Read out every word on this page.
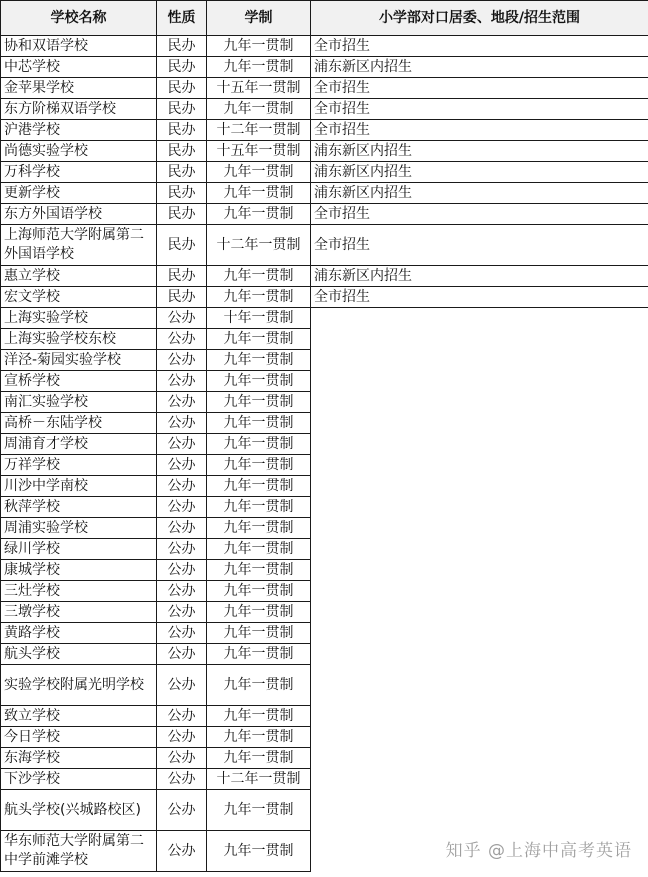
学校名称	性质	学制	小学部对口居委、地段/招生范围
协和双语学校	民办	九年一贯制	全市招生
中芯学校	民办	九年一贯制	浦东新区内招生
金苹果学校	民办	十五年一贯制	全市招生
东方阶梯双语学校	民办	九年一贯制	全市招生
沪港学校	民办	十二年一贯制	全市招生
尚德实验学校	民办	十五年一贯制	浦东新区内招生
万科学校	民办	九年一贯制	浦东新区内招生
更新学校	民办	九年一贯制	浦东新区内招生
东方外国语学校	民办	九年一贯制	全市招生
上海师范大学附属第二外国语学校	民办	十二年一贯制	全市招生
惠立学校	民办	九年一贯制	浦东新区内招生
宏文学校	民办	九年一贯制	全市招生
上海实验学校	公办	十年一贯制	
上海实验学校东校	公办	九年一贯制	
洋泾-菊园实验学校	公办	九年一贯制	
宣桥学校	公办	九年一贯制	
南汇实验学校	公办	九年一贯制	
高桥－东陆学校	公办	九年一贯制	
周浦育才学校	公办	九年一贯制	
万祥学校	公办	九年一贯制	
川沙中学南校	公办	九年一贯制	
秋萍学校	公办	九年一贯制	
周浦实验学校	公办	九年一贯制	
绿川学校	公办	九年一贯制	
康城学校	公办	九年一贯制	
三灶学校	公办	九年一贯制	
三墩学校	公办	九年一贯制	
黄路学校	公办	九年一贯制	
航头学校	公办	九年一贯制	
实验学校附属光明学校	公办	九年一贯制	
致立学校	公办	九年一贯制	
今日学校	公办	九年一贯制	
东海学校	公办	九年一贯制	
下沙学校	公办	十二年一贯制	
航头学校(兴城路校区)	公办	九年一贯制	
华东师范大学附属第二中学前滩学校	公办	九年一贯制		知乎 @上海中高考英语
